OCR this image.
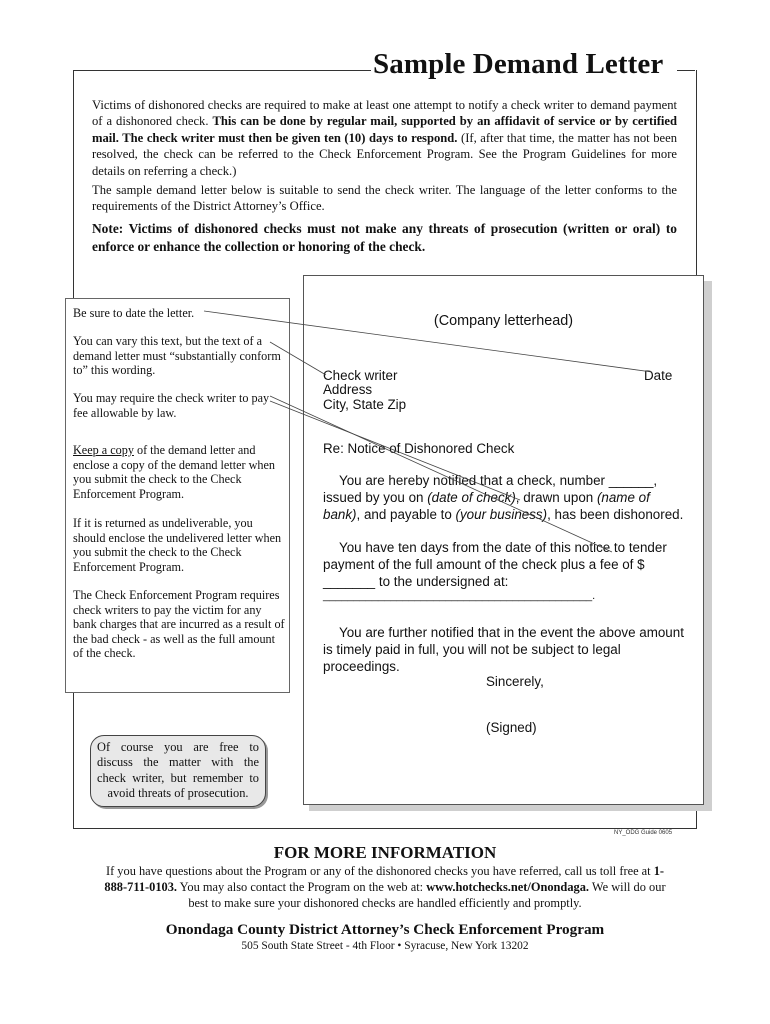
Sample Demand Letter
Victims of dishonored checks are required to make at least one attempt to notify a check writer to demand payment of a dishonored check. This can be done by regular mail, supported by an affidavit of service or by certified mail. The check writer must then be given ten (10) days to respond. (If, after that time, the matter has not been resolved, the check can be referred to the Check Enforcement Program. See the Program Guidelines for more details on referring a check.)
The sample demand letter below is suitable to send the check writer. The language of the letter conforms to the requirements of the District Attorney’s Office.
Note: Victims of dishonored checks must not make any threats of prosecution (written or oral) to enforce or enhance the collection or honoring of the check.
(Company letterhead)
Check writer	Date
Address
City, State Zip
Re: Notice of Dishonored Check
You are hereby notified that a check, number ______, issued by you on (date of check), drawn upon (name of bank), and payable to (your business), has been dishonored.
You have ten days from the date of this notice to tender payment of the full amount of the check plus a fee of $ _______ to the undersigned at:
____________________________________________.
You are further notified that in the event the above amount is timely paid in full, you will not be subject to legal proceedings.
Sincerely,
(Signed)
Be sure to date the letter.
You can vary this text, but the text of a demand letter must “substantially conform to” this wording.
You may require the check writer to pay fee allowable by law.
Keep a copy of the demand letter and enclose a copy of the demand letter when you submit the check to the Check Enforcement Program.
If it is returned as undeliverable, you should enclose the undelivered letter when you submit the check to the Check Enforcement Program.
The Check Enforcement Program requires check writers to pay the victim for any bank charges that are incurred as a result of the bad check - as well as the full amount of the check.
Of course you are free to discuss the matter with the check writer, but remember to avoid threats of prosecution.
NY_ODG Guide 0605
FOR MORE INFORMATION
If you have questions about the Program or any of the dishonored checks you have referred, call us toll free at 1-888-711-0103. You may also contact the Program on the web at: www.hotchecks.net/Onondaga. We will do our best to make sure your dishonored checks are handled efficiently and promptly.
Onondaga County District Attorney’s Check Enforcement Program
505 South State Street - 4th Floor • Syracuse, New York 13202
